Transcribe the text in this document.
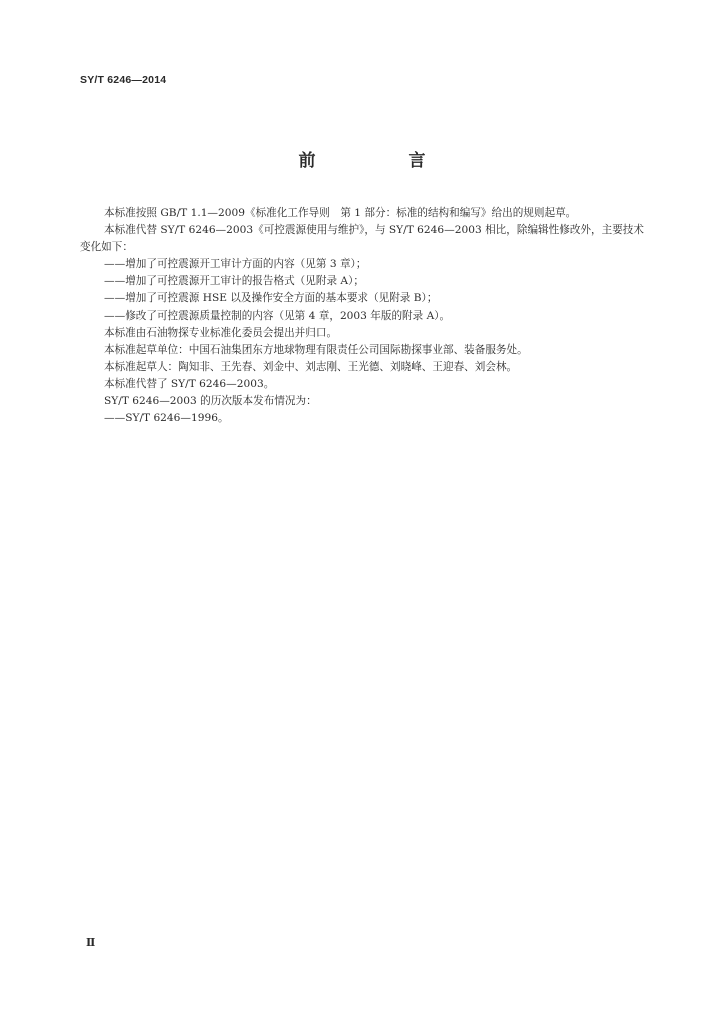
SY/T 6246—2014
前　言

本标准按照 GB/T 1.1—2009《标准化工作导则　第 1 部分：标准的结构和编写》给出的规则起草。

本标准代替 SY/T 6246—2003《可控震源使用与维护》，与 SY/T 6246—2003 相比，除编辑性修改外，主要技术变化如下：

——增加了可控震源开工审计方面的内容（见第 3 章）；

——增加了可控震源开工审计的报告格式（见附录 A）；

——增加了可控震源 HSE 以及操作安全方面的基本要求（见附录 B）；

——修改了可控震源质量控制的内容（见第 4 章，2003 年版的附录 A）。

本标准由石油物探专业标准化委员会提出并归口。

本标准起草单位：中国石油集团东方地球物理有限责任公司国际勘探事业部、装备服务处。

本标准起草人：陶知非、王先春、刘金中、刘志刚、王光德、刘晓峰、王迎春、刘会林。

本标准代替了 SY/T 6246—2003。

SY/T 6246—2003 的历次版本发布情况为：

——SY/T 6246—1996。

Ⅱ
